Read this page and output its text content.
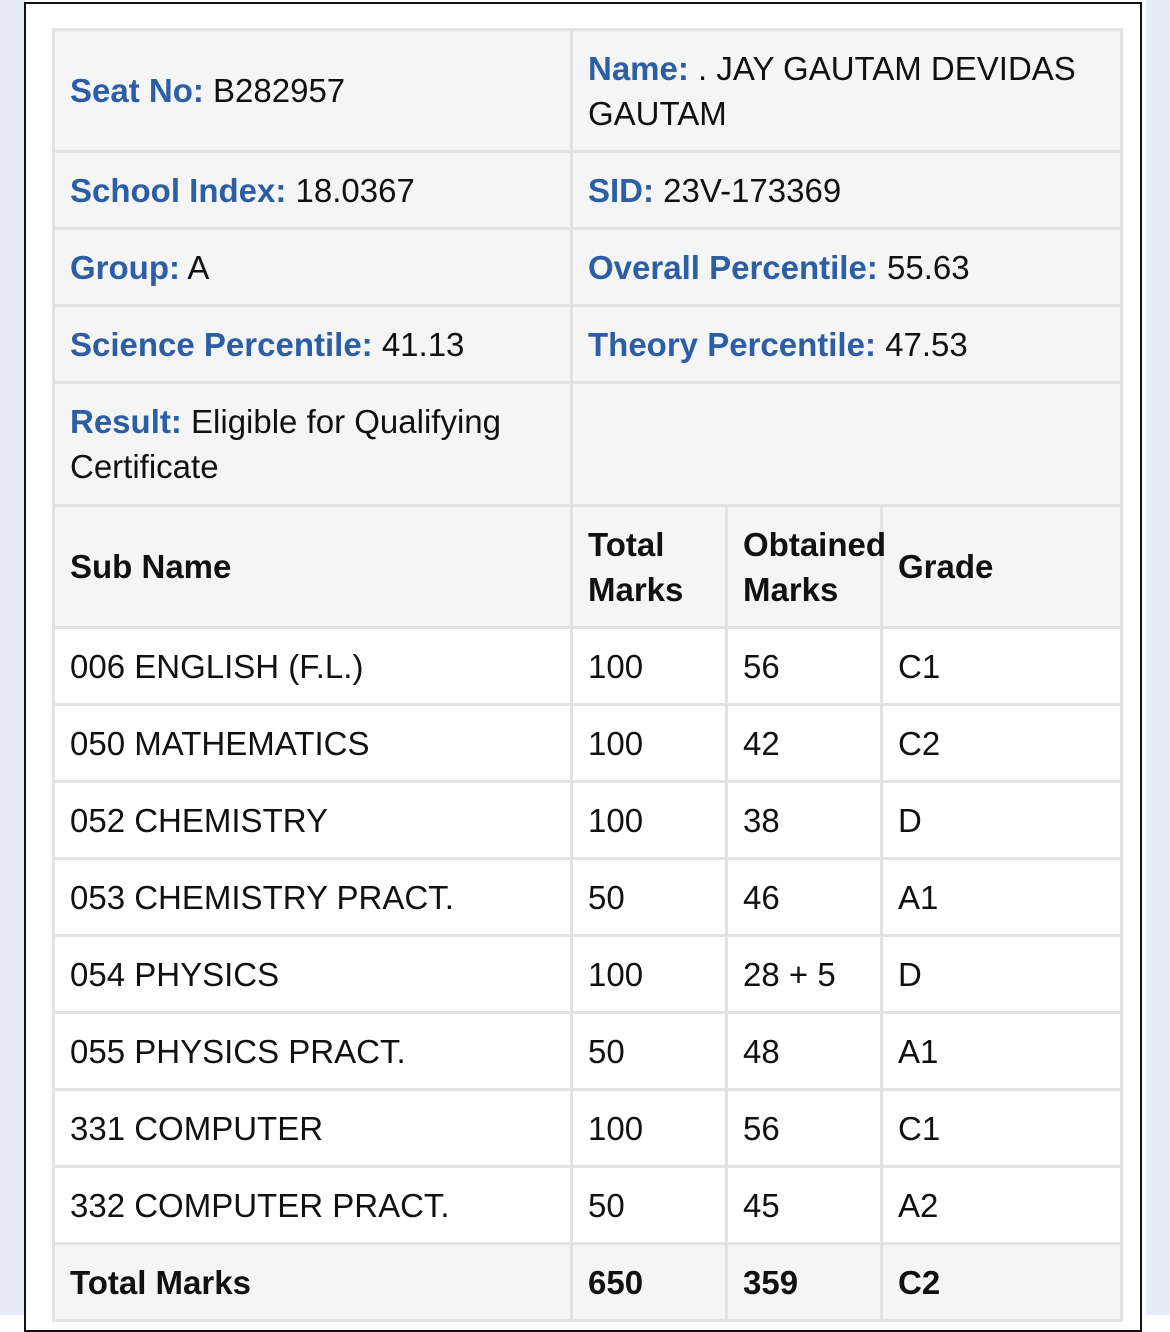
Seat No: B282957	Name: . JAY GAUTAM DEVIDAS GAUTAM		
School Index: 18.0367	SID: 23V-173369		
Group: A	Overall Percentile: 55.63		
Science Percentile: 41.13	Theory Percentile: 47.53		
Result: Eligible for Qualifying Certificate			
Sub Name	Total Marks	Obtained Marks	Grade
006 ENGLISH (F.L.)	100	56	C1
050 MATHEMATICS	100	42	C2
052 CHEMISTRY	100	38	D
053 CHEMISTRY PRACT.	50	46	A1
054 PHYSICS	100	28 + 5	D
055 PHYSICS PRACT.	50	48	A1
331 COMPUTER	100	56	C1
332 COMPUTER PRACT.	50	45	A2
Total Marks	650	359	C2
